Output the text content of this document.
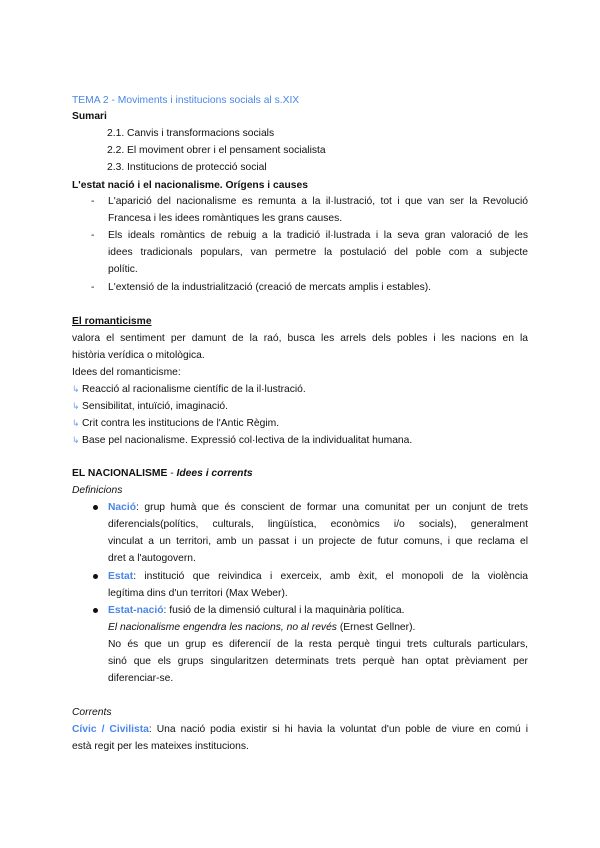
TEMA 2 - Moviments i institucions socials al s.XIX
Sumari
2.1. Canvis i transformacions socials
2.2. El moviment obrer i el pensament socialista
2.3. Institucions de protecció social
L'estat nació i el nacionalisme. Orígens i causes
- L'aparició del nacionalisme es remunta a la il·lustració, tot i que van ser la Revolució
Francesa i les idees romàntiques les grans causes.
- Els ideals romàntics de rebuig a la tradició il·lustrada i la seva gran valoració de les
idees tradicionals populars, van permetre la postulació del poble com a subjecte
polític.
- L'extensió de la industrialització (creació de mercats amplis i estables).
El romanticisme
valora el sentiment per damunt de la raó, busca les arrels dels pobles i les nacions en la
història verídica o mitològica.
Idees del romanticisme:
↳ Reacció al racionalisme científic de la il·lustració.
↳ Sensibilitat, intuïció, imaginació.
↳ Crit contra les institucions de l'Antic Règim.
↳ Base pel nacionalisme. Expressió col·lectiva de la individualitat humana.
EL NACIONALISME - Idees i corrents
Definicions
Nació: grup humà que és conscient de formar una comunitat per un conjunt de trets
diferencials(polítics, culturals, lingüística, econòmics i/o socials), generalment
vinculat a un territori, amb un passat i un projecte de futur comuns, i que reclama el
dret a l'autogovern.
Estat: institució que reivindica i exerceix, amb èxit, el monopoli de la violència
legítima dins d'un territori (Max Weber).
Estat-nació: fusió de la dimensió cultural i la maquinària política.
El nacionalisme engendra les nacions, no al revés (Ernest Gellner).
No és que un grup es diferencií de la resta perquè tingui trets culturals particulars,
sinó que els grups singularitzen determinats trets perquè han optat prèviament per
diferenciar-se.
Corrents
Cívic / Civilista: Una nació podia existir si hi havia la voluntat d'un poble de viure en comú i
està regit per les mateixes institucions.
